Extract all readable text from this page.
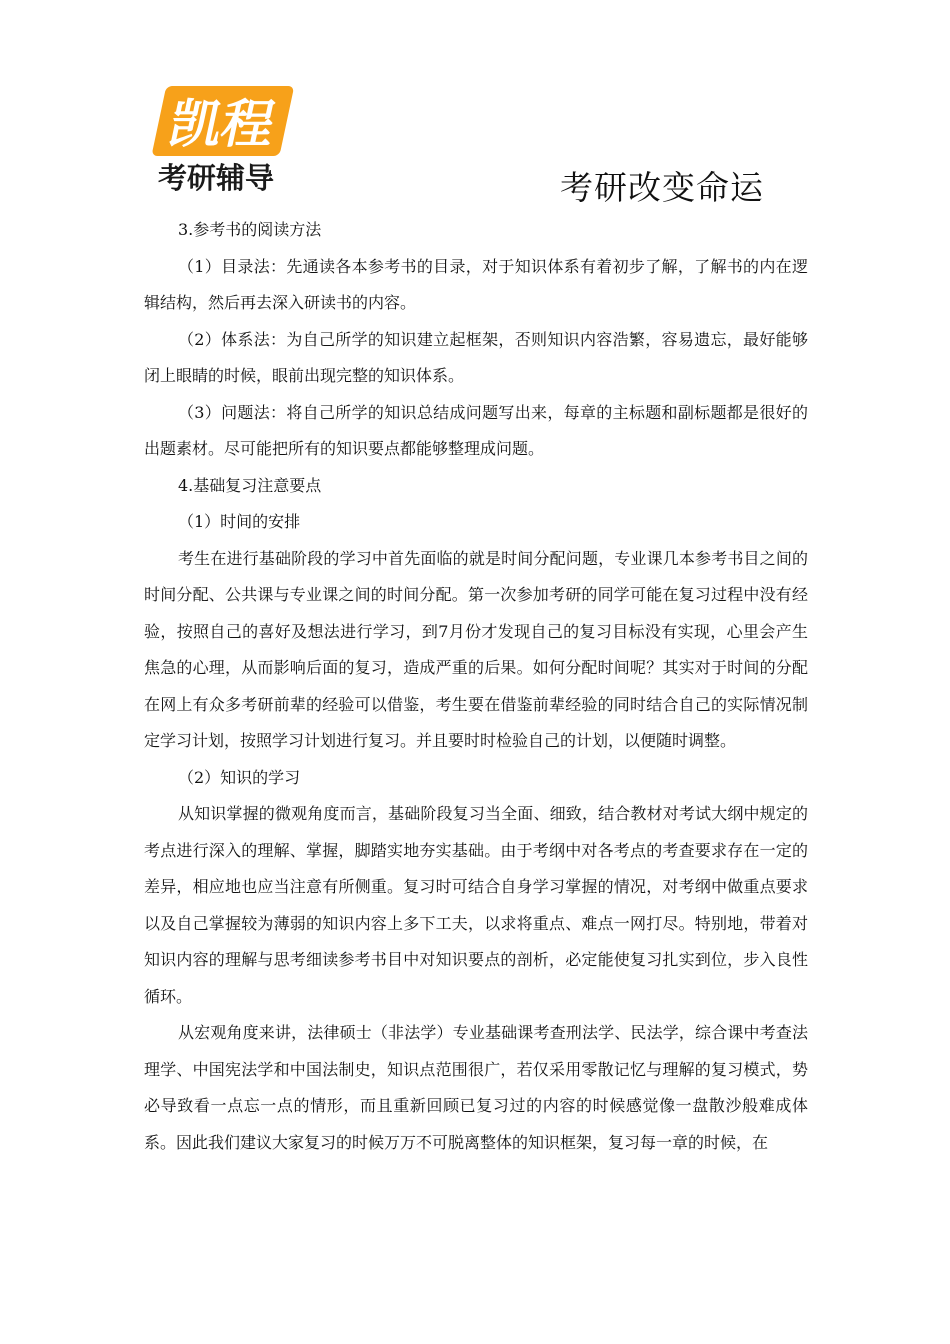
凯程
考研辅导	考研改变命运

3.参考书的阅读方法

（1）目录法：先通读各本参考书的目录，对于知识体系有着初步了解，了解书的内在逻辑结构，然后再去深入研读书的内容。

（2）体系法：为自己所学的知识建立起框架，否则知识内容浩繁，容易遗忘，最好能够闭上眼睛的时候，眼前出现完整的知识体系。

（3）问题法：将自己所学的知识总结成问题写出来，每章的主标题和副标题都是很好的出题素材。尽可能把所有的知识要点都能够整理成问题。

4.基础复习注意要点

（1）时间的安排

考生在进行基础阶段的学习中首先面临的就是时间分配问题，专业课几本参考书目之间的时间分配、公共课与专业课之间的时间分配。第一次参加考研的同学可能在复习过程中没有经验，按照自己的喜好及想法进行学习，到7月份才发现自己的复习目标没有实现，心里会产生焦急的心理，从而影响后面的复习，造成严重的后果。如何分配时间呢？其实对于时间的分配在网上有众多考研前辈的经验可以借鉴，考生要在借鉴前辈经验的同时结合自己的实际情况制定学习计划，按照学习计划进行复习。并且要时时检验自己的计划，以便随时调整。

（2）知识的学习

从知识掌握的微观角度而言，基础阶段复习当全面、细致，结合教材对考试大纲中规定的考点进行深入的理解、掌握，脚踏实地夯实基础。由于考纲中对各考点的考查要求存在一定的差异，相应地也应当注意有所侧重。复习时可结合自身学习掌握的情况，对考纲中做重点要求以及自己掌握较为薄弱的知识内容上多下工夫，以求将重点、难点一网打尽。特别地，带着对知识内容的理解与思考细读参考书目中对知识要点的剖析，必定能使复习扎实到位，步入良性循环。

从宏观角度来讲，法律硕士（非法学）专业基础课考查刑法学、民法学，综合课中考查法理学、中国宪法学和中国法制史，知识点范围很广，若仅采用零散记忆与理解的复习模式，势必导致看一点忘一点的情形，而且重新回顾已复习过的内容的时候感觉像一盘散沙般难成体系。因此我们建议大家复习的时候万万不可脱离整体的知识框架，复习每一章的时候，在
